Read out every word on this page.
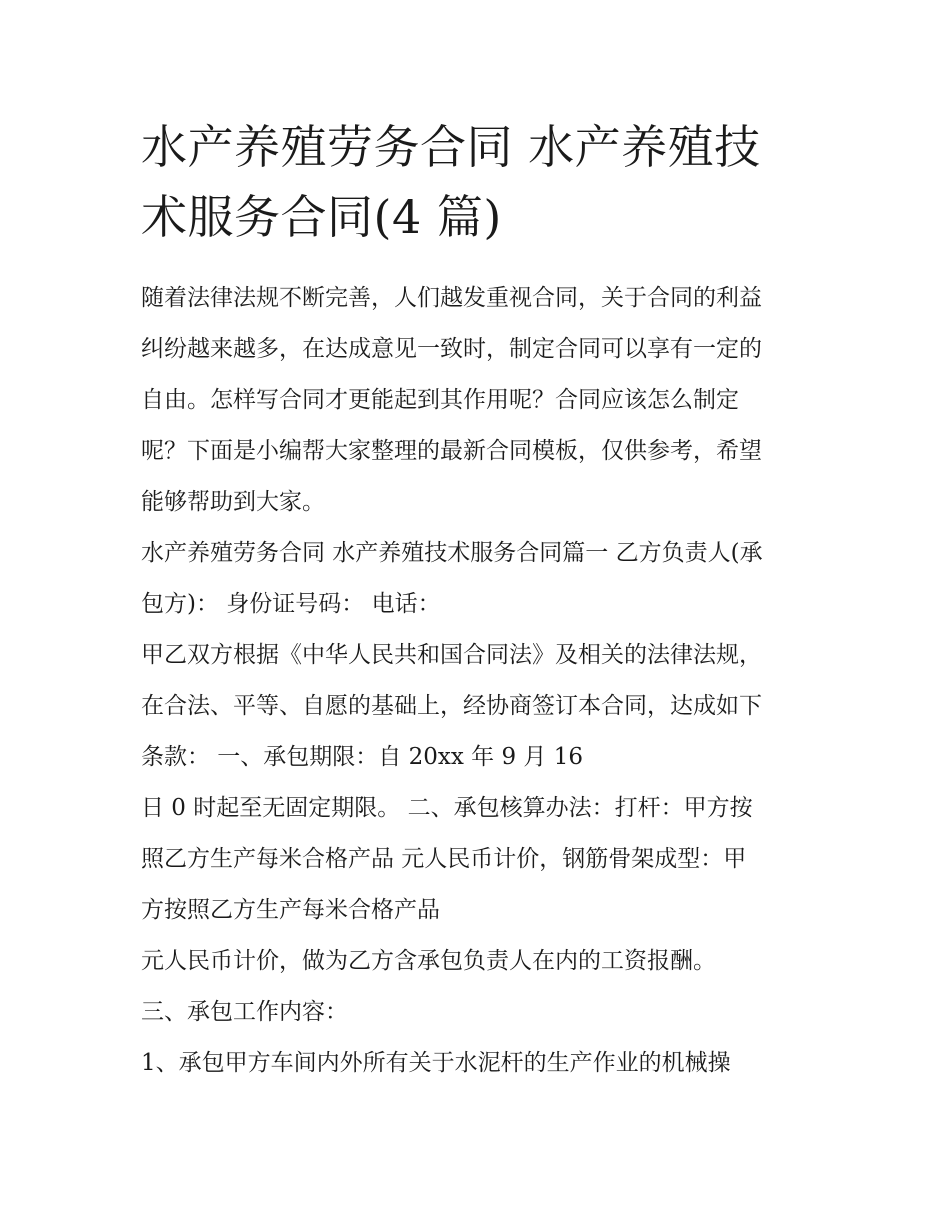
水产养殖劳务合同 水产养殖技
术服务合同(4 篇)

随着法律法规不断完善，人们越发重视合同，关于合同的利益

纠纷越来越多，在达成意见一致时，制定合同可以享有一定的

自由。怎样写合同才更能起到其作用呢？合同应该怎么制定

呢？下面是小编帮大家整理的最新合同模板，仅供参考，希望

能够帮助到大家。

水产养殖劳务合同 水产养殖技术服务合同篇一 乙方负责人(承

包方)： 身份证号码： 电话：

甲乙双方根据《中华人民共和国合同法》及相关的法律法规，

在合法、平等、自愿的基础上，经协商签订本合同，达成如下

条款： 一、承包期限：自 20xx 年 9 月 16

日 0 时起至无固定期限。 二、承包核算办法：打杆：甲方按

照乙方生产每米合格产品 元人民币计价，钢筋骨架成型：甲

方按照乙方生产每米合格产品

元人民币计价，做为乙方含承包负责人在内的工资报酬。

三、承包工作内容：

1、承包甲方车间内外所有关于水泥杆的生产作业的机械操
